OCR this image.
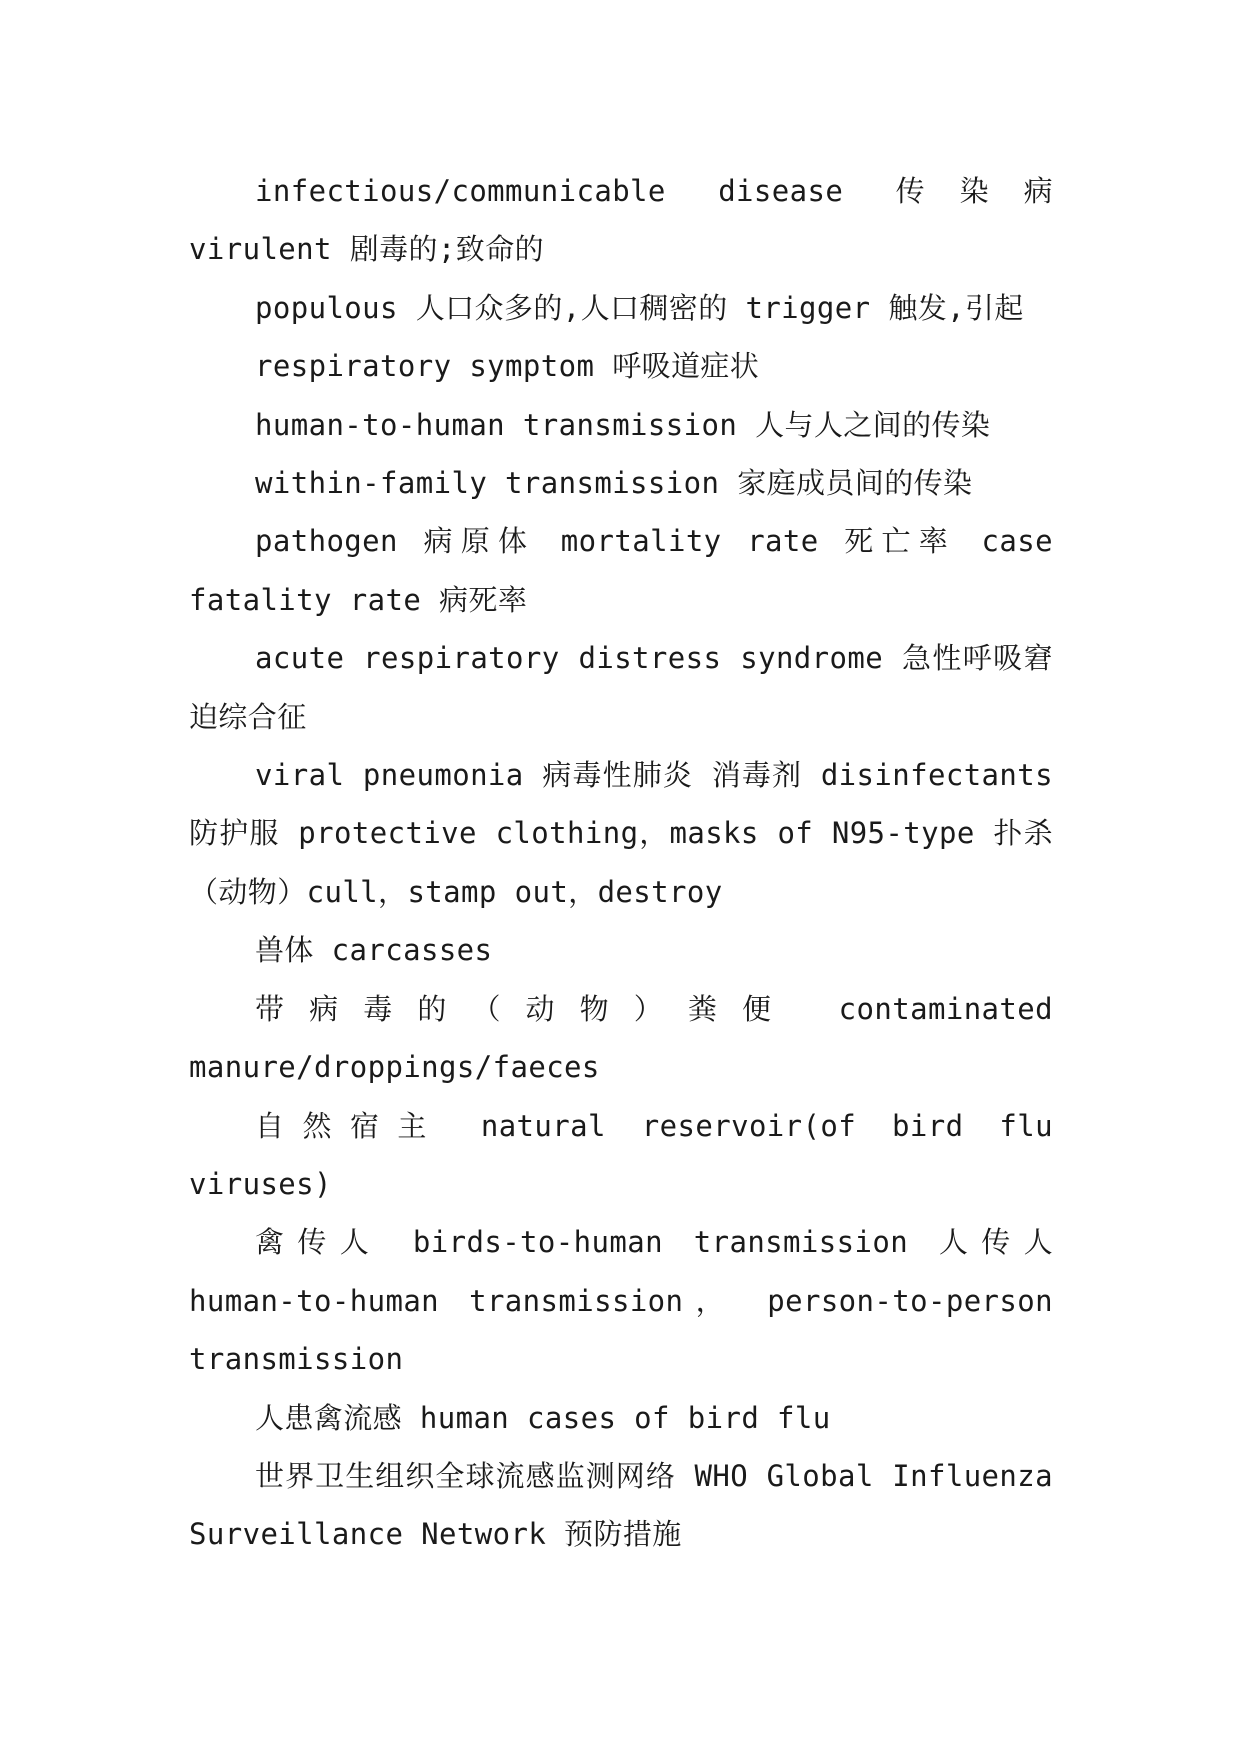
infectious/communicable disease 传染病 virulent 剧毒的;致命的

populous 人口众多的,人口稠密的 trigger 触发,引起

respiratory symptom 呼吸道症状

human-to-human transmission 人与人之间的传染

within-family transmission 家庭成员间的传染

pathogen 病原体 mortality rate 死亡率 case fatality rate 病死率

acute respiratory distress syndrome 急性呼吸窘迫综合征

viral pneumonia 病毒性肺炎 消毒剂 disinfectants 防护服 protective clothing，masks of N95-type 扑杀（动物）cull，stamp out，destroy

兽体 carcasses

带病毒的（动物）粪便 contaminated manure/droppings/faeces

自然宿主 natural reservoir(of bird flu viruses)

禽传人 birds-to-human transmission 人传人 human-to-human transmission， person-to-person transmission

人患禽流感 human cases of bird flu

世界卫生组织全球流感监测网络 WHO Global Influenza Surveillance Network 预防措施
